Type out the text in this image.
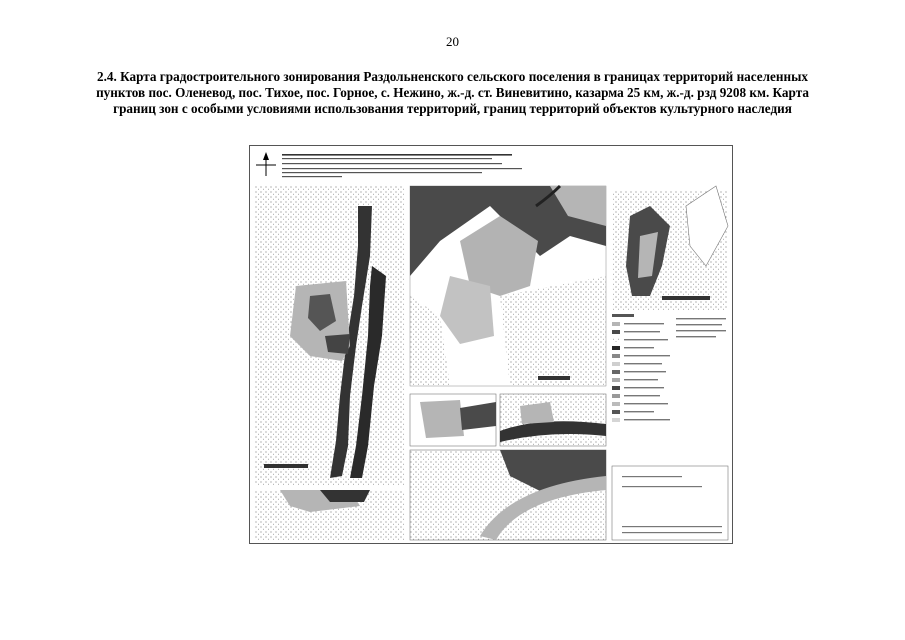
20
2.4. Карта градостроительного зонирования Раздольненского сельского поселения в границах территорий населенных пунктов пос. Оленевод, пос. Тихое, пос. Горное, с. Нежино, ж.-д. ст. Виневитино, казарма 25 км, ж.-д. рзд 9208 км. Карта границ зон с особыми условиями использования территорий, границ территорий объектов культурного наследия
